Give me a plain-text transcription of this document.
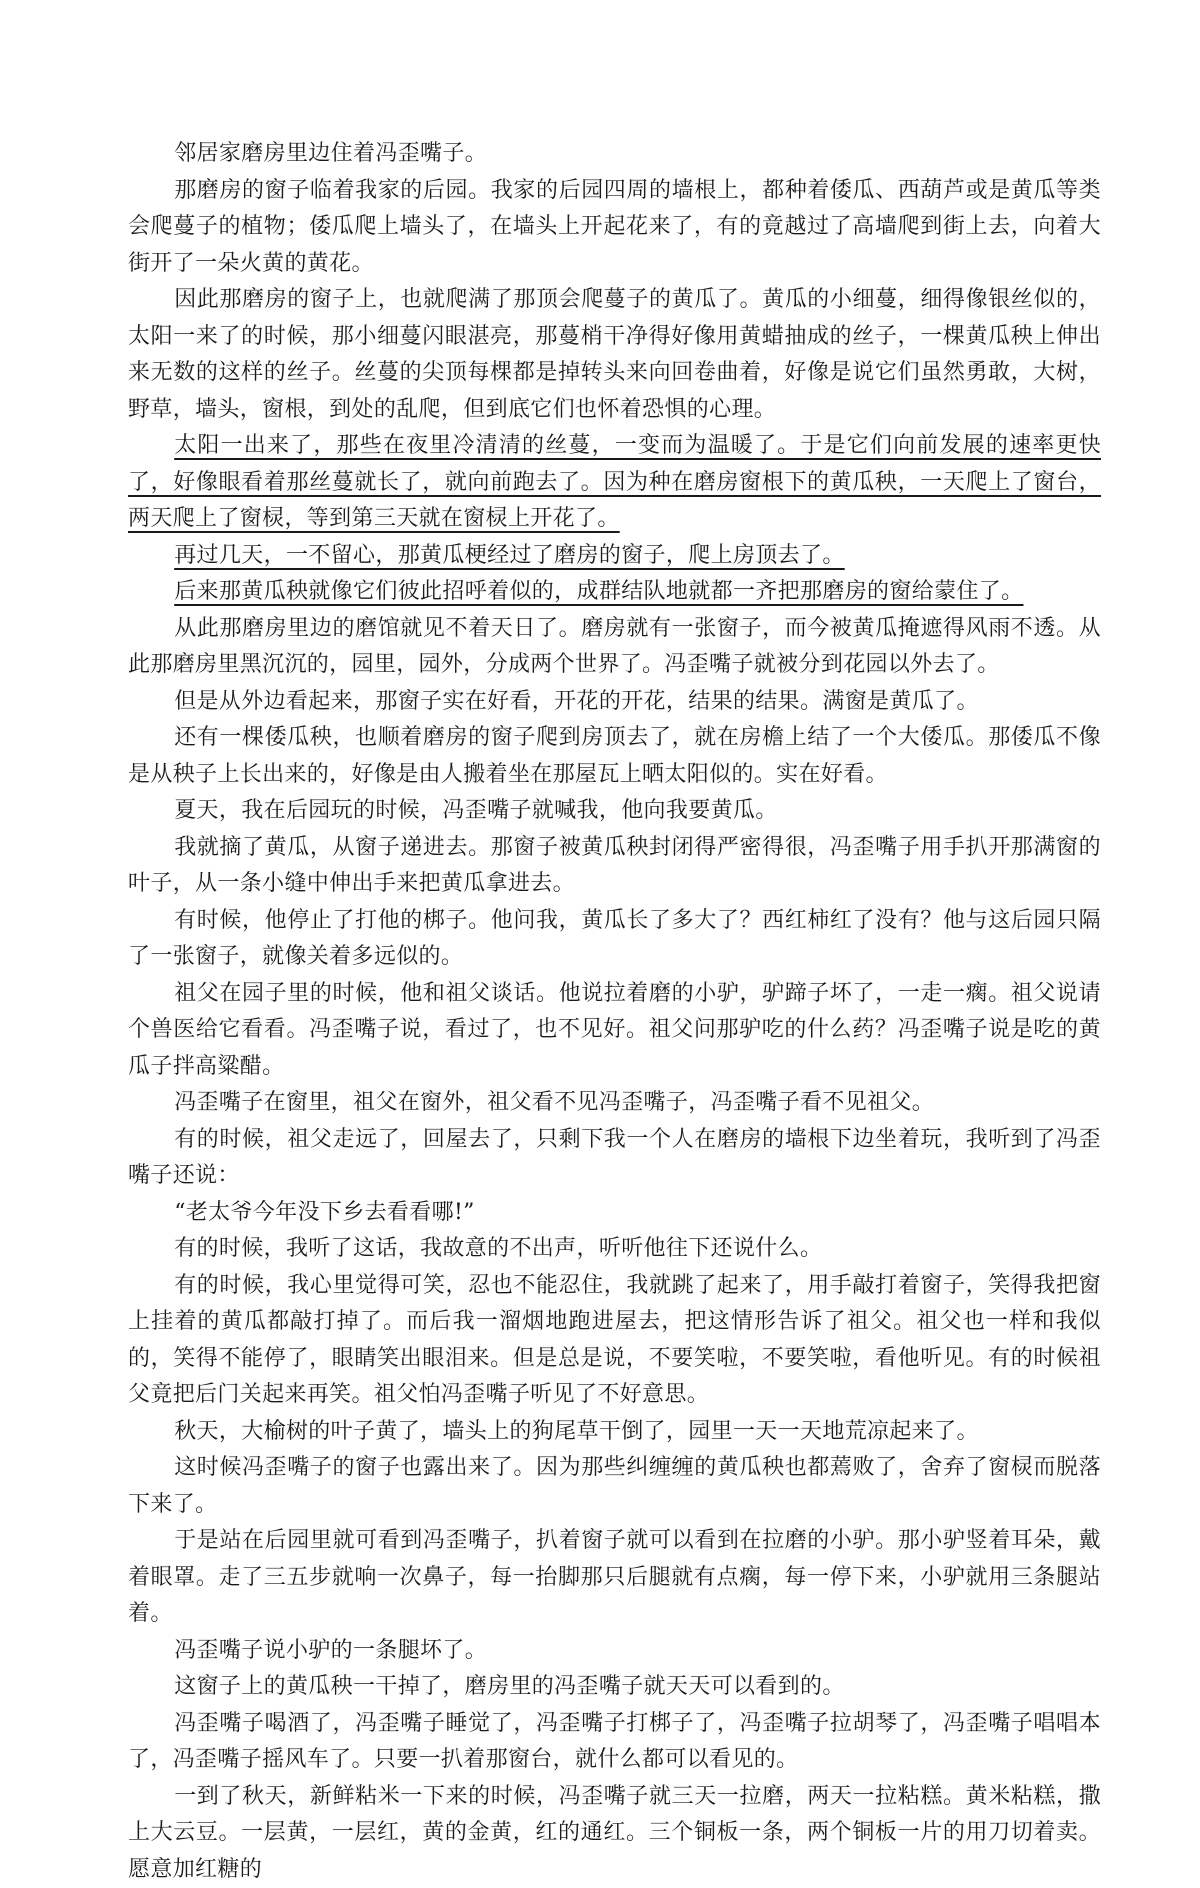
邻居家磨房里边住着冯歪嘴子。

那磨房的窗子临着我家的后园。我家的后园四周的墙根上，都种着倭瓜、西葫芦或是黄瓜等类会爬蔓子的植物；倭瓜爬上墙头了，在墙头上开起花来了，有的竟越过了高墙爬到街上去，向着大街开了一朵火黄的黄花。

因此那磨房的窗子上，也就爬满了那顶会爬蔓子的黄瓜了。黄瓜的小细蔓，细得像银丝似的，太阳一来了的时候，那小细蔓闪眼湛亮，那蔓梢干净得好像用黄蜡抽成的丝子，一棵黄瓜秧上伸出来无数的这样的丝子。丝蔓的尖顶每棵都是掉转头来向回卷曲着，好像是说它们虽然勇敢，大树，野草，墙头，窗根，到处的乱爬，但到底它们也怀着恐惧的心理。

太阳一出来了，那些在夜里冷清清的丝蔓，一变而为温暖了。于是它们向前发展的速率更快了，好像眼看着那丝蔓就长了，就向前跑去了。因为种在磨房窗根下的黄瓜秧，一天爬上了窗台，两天爬上了窗棂，等到第三天就在窗棂上开花了。

再过几天，一不留心，那黄瓜梗经过了磨房的窗子，爬上房顶去了。

后来那黄瓜秧就像它们彼此招呼着似的，成群结队地就都一齐把那磨房的窗给蒙住了。

从此那磨房里边的磨馆就见不着天日了。磨房就有一张窗子，而今被黄瓜掩遮得风雨不透。从此那磨房里黑沉沉的，园里，园外，分成两个世界了。冯歪嘴子就被分到花园以外去了。

但是从外边看起来，那窗子实在好看，开花的开花，结果的结果。满窗是黄瓜了。

还有一棵倭瓜秧，也顺着磨房的窗子爬到房顶去了，就在房檐上结了一个大倭瓜。那倭瓜不像是从秧子上长出来的，好像是由人搬着坐在那屋瓦上晒太阳似的。实在好看。

夏天，我在后园玩的时候，冯歪嘴子就喊我，他向我要黄瓜。

我就摘了黄瓜，从窗子递进去。那窗子被黄瓜秧封闭得严密得很，冯歪嘴子用手扒开那满窗的叶子，从一条小缝中伸出手来把黄瓜拿进去。

有时候，他停止了打他的梆子。他问我，黄瓜长了多大了？西红柿红了没有？他与这后园只隔了一张窗子，就像关着多远似的。

祖父在园子里的时候，他和祖父谈话。他说拉着磨的小驴，驴蹄子坏了，一走一瘸。祖父说请个兽医给它看看。冯歪嘴子说，看过了，也不见好。祖父问那驴吃的什么药？冯歪嘴子说是吃的黄瓜子拌高粱醋。

冯歪嘴子在窗里，祖父在窗外，祖父看不见冯歪嘴子，冯歪嘴子看不见祖父。

有的时候，祖父走远了，回屋去了，只剩下我一个人在磨房的墙根下边坐着玩，我听到了冯歪嘴子还说：

“老太爷今年没下乡去看看哪!”

有的时候，我听了这话，我故意的不出声，听听他往下还说什么。

有的时候，我心里觉得可笑，忍也不能忍住，我就跳了起来了，用手敲打着窗子，笑得我把窗上挂着的黄瓜都敲打掉了。而后我一溜烟地跑进屋去，把这情形告诉了祖父。祖父也一样和我似的，笑得不能停了，眼睛笑出眼泪来。但是总是说，不要笑啦，不要笑啦，看他听见。有的时候祖父竟把后门关起来再笑。祖父怕冯歪嘴子听见了不好意思。

秋天，大榆树的叶子黄了，墙头上的狗尾草干倒了，园里一天一天地荒凉起来了。

这时候冯歪嘴子的窗子也露出来了。因为那些纠缠缠的黄瓜秧也都蔫败了，舍弃了窗棂而脱落下来了。

于是站在后园里就可看到冯歪嘴子，扒着窗子就可以看到在拉磨的小驴。那小驴竖着耳朵，戴着眼罩。走了三五步就响一次鼻子，每一抬脚那只后腿就有点瘸，每一停下来，小驴就用三条腿站着。

冯歪嘴子说小驴的一条腿坏了。

这窗子上的黄瓜秧一干掉了，磨房里的冯歪嘴子就天天可以看到的。

冯歪嘴子喝酒了，冯歪嘴子睡觉了，冯歪嘴子打梆子了，冯歪嘴子拉胡琴了，冯歪嘴子唱唱本了，冯歪嘴子摇风车了。只要一扒着那窗台，就什么都可以看见的。

一到了秋天，新鲜粘米一下来的时候，冯歪嘴子就三天一拉磨，两天一拉粘糕。黄米粘糕，撒上大云豆。一层黄，一层红，黄的金黄，红的通红。三个铜板一条，两个铜板一片的用刀切着卖。愿意加红糖的
